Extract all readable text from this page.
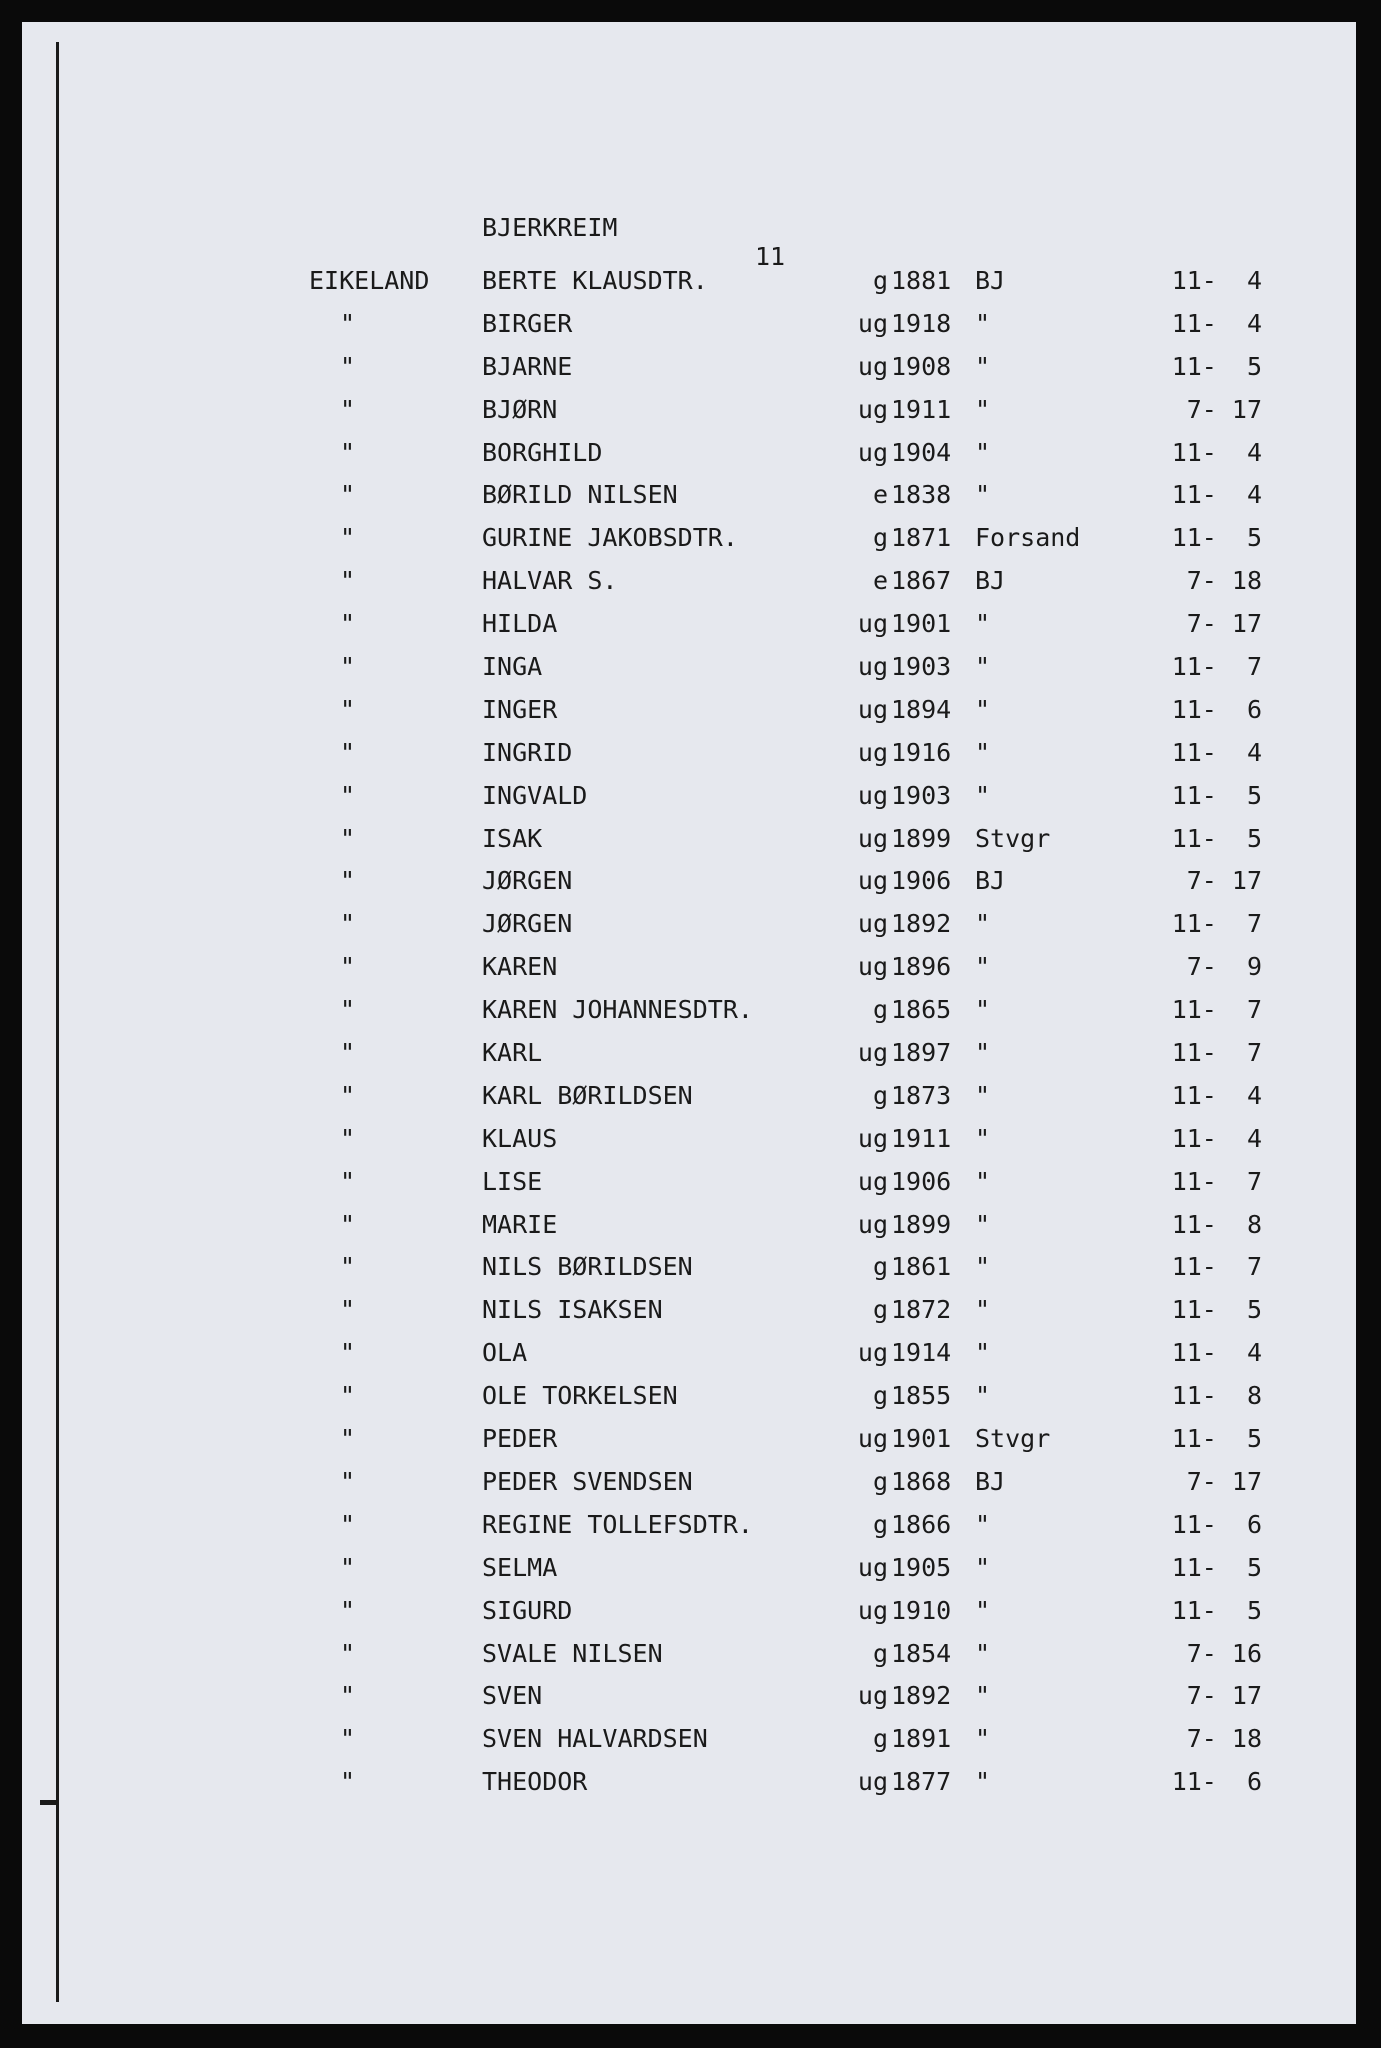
BJERKREIM

11

EIKELAND	BERTE KLAUSDTR.	g 1881 BJ	11-  4
"	BIRGER	ug 1918 "	11-  4
"	BJARNE	ug 1908 "	11-  5
"	BJØRN	ug 1911 "	7- 17
"	BORGHILD	ug 1904 "	11-  4
"	BØRILD NILSEN	e 1838 "	11-  4
"	GURINE JAKOBSDTR.	g 1871 Forsand	11-  5
"	HALVAR S.	e 1867 BJ	7- 18
"	HILDA	ug 1901 "	7- 17
"	INGA	ug 1903 "	11-  7
"	INGER	ug 1894 "	11-  6
"	INGRID	ug 1916 "	11-  4
"	INGVALD	ug 1903 "	11-  5
"	ISAK	ug 1899 Stvgr	11-  5
"	JØRGEN	ug 1906 BJ	7- 17
"	JØRGEN	ug 1892 "	11-  7
"	KAREN	ug 1896 "	7-  9
"	KAREN JOHANNESDTR.	g 1865 "	11-  7
"	KARL	ug 1897 "	11-  7
"	KARL BØRILDSEN	g 1873 "	11-  4
"	KLAUS	ug 1911 "	11-  4
"	LISE	ug 1906 "	11-  7
"	MARIE	ug 1899 "	11-  8
"	NILS BØRILDSEN	g 1861 "	11-  7
"	NILS ISAKSEN	g 1872 "	11-  5
"	OLA	ug 1914 "	11-  4
"	OLE TORKELSEN	g 1855 "	11-  8
"	PEDER	ug 1901 Stvgr	11-  5
"	PEDER SVENDSEN	g 1868 BJ	7- 17
"	REGINE TOLLEFSDTR.	g 1866 "	11-  6
"	SELMA	ug 1905 "	11-  5
"	SIGURD	ug 1910 "	11-  5
"	SVALE NILSEN	g 1854 "	7- 16
"	SVEN	ug 1892 "	7- 17
"	SVEN HALVARDSEN	g 1891 "	7- 18
"	THEODOR	ug 1877 "	11-  6
